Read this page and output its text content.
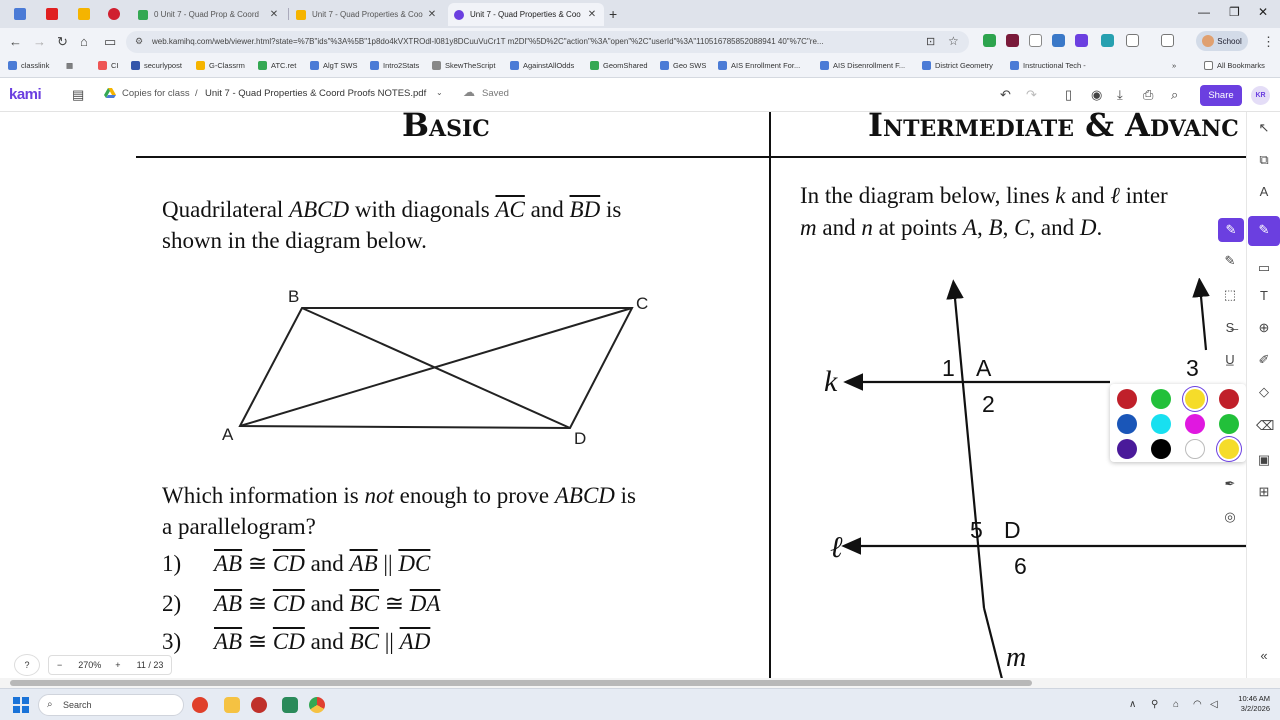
0 Unit 7 - Quad Prop & Coord	✕	Unit 7 - Quad Properties & Coo ✕	Unit 7 - Quad Properties & Coo ✕ +	— ❐ ✕
← → ↻ ⌂ ▭ ⚙ web.kamihq.com/web/viewer.html?state=%7B"ids"%3A%5B"1p8do4kVXTROdl-l081y8DCuuVuCr1T m2Dl"%5D%2C"action"%3A"open"%2C"userId"%3A"110516785852088941 40"%7C"re...	⊡ ☆	School ⋮
classlink ▦	CI	securlypost	G-Classrm	ATC.ret	AlgT SWS	Intro2Stats	SkewTheScript	AgainstAllOdds	GeomShared	Geo SWS	AIS Enrollment For...	AIS Disenrollment F...	District Geometry	Instructional Tech -	»	All Bookmarks
kami ▤	Copies for class / Unit 7 - Quad Properties & Coord Proofs NOTES.pdf ⌄ ☁ Saved	↶ ↷ ▯ ◉ ⤓ ⎙ ⌕	Share	KR
Basic	Intermediate & Advanc
Quadrilateral ABCD with diagonals $\overline{AC}$ and $\overline{BD}$ is
shown in the diagram below.
B	C
A	D
Which information is not enough to prove ABCD is
a parallelogram?
1) $\overline{AB}$ ≅ $\overline{CD}$ and $\overline{AB}$ || $\overline{DC}$
2) $\overline{AB}$ ≅ $\overline{CD}$ and $\overline{BC}$ ≅ $\overline{DA}$
3) $\overline{AB}$ ≅ $\overline{CD}$ and $\overline{BC}$ || $\overline{AD}$
In the diagram below, lines k and ℓ inter
m and n at points A, B, C, and D.
k
ℓ
m
1 A
2
3
5 D
6
↖
⧉
A
✎
▭
T
⊕
✐
◇
⌫
▣
⊞
«
✎
✎
⬚
S̶
U̲
✒
◎
?	−	270%	+	11 / 23
⌕ Search	∧ ⚲ ⌂ ◠ ◁
10:46 AM
3/2/2026
